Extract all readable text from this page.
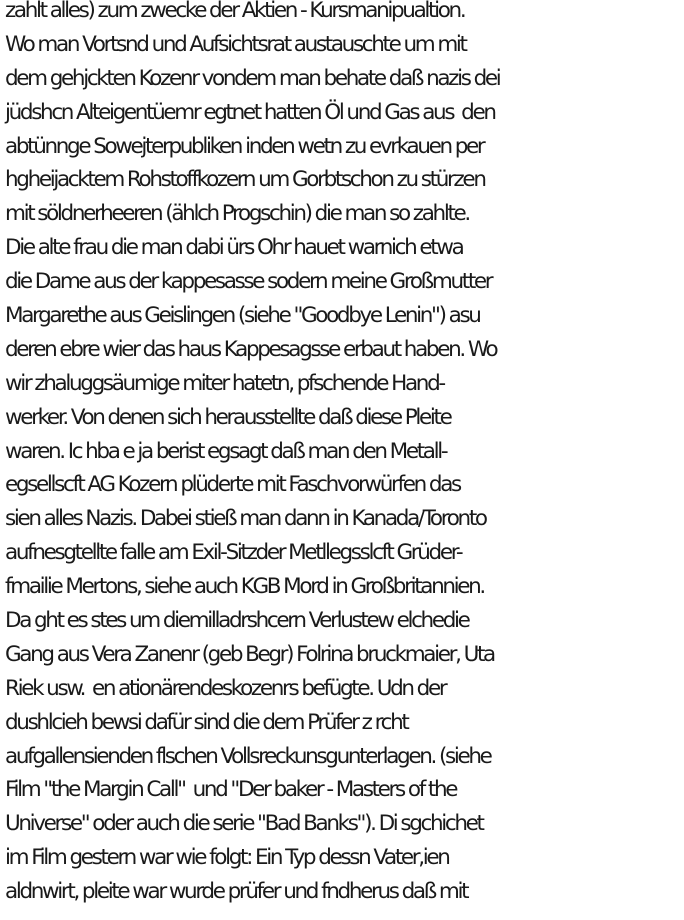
zahlt alles) zum zwecke der Aktien - Kursmanipualtion.
Wo man Vortsnd und Aufsichtsrat austauschte um mit
dem gehjckten Kozenr vondem man behate daß nazis dei
jüdshcn Alteigentüemr egtnet hatten Öl und Gas aus  den
abtünnge Sowejterpubliken inden wetn zu evrkauen per
hgheijacktem Rohstoffkozern um Gorbtschon zu stürzen
mit söldnerheeren (ählch Progschin) die man so zahlte.
Die alte frau die man dabi ürs Ohr hauet warnich etwa
die Dame aus der kappesasse sodern meine Großmutter
Margarethe aus Geislingen (siehe "Goodbye Lenin") asu
deren ebre wier das haus Kappesagsse erbaut haben. Wo
wir zhaluggsäumige miter hatetn, pfschende Hand-
werker. Von denen sich herausstellte daß diese Pleite
waren. Ic hba e ja berist egsagt daß man den Metall-
egsellscft AG Kozern plüderte mit Faschvorwürfen das
sien alles Nazis. Dabei stieß man dann in Kanada/Toronto
aufnesgtellte falle am Exil-Sitzder Metllegsslcft Grüder-
fmailie Mertons, siehe auch KGB Mord in Großbritannien.
Da ght es stes um diemilladrshcern Verlustew elchedie
Gang aus Vera Zanenr (geb Begr) Folrina bruckmaier, Uta
Riek usw.  en ationärendeskozenrs befügte. Udn der
dushlcieh bewsi dafür sind die dem Prüfer z rcht
aufgallensienden flschen Vollsreckunsgunterlagen. (siehe
Film "the Margin Call"  und "Der baker - Masters of the
Universe" oder auch die serie "Bad Banks"). Di sgchichet
im Film gestern war wie folgt: Ein Typ dessn Vater,ien
aldnwirt, pleite war wurde prüfer und fndherus daß mit
